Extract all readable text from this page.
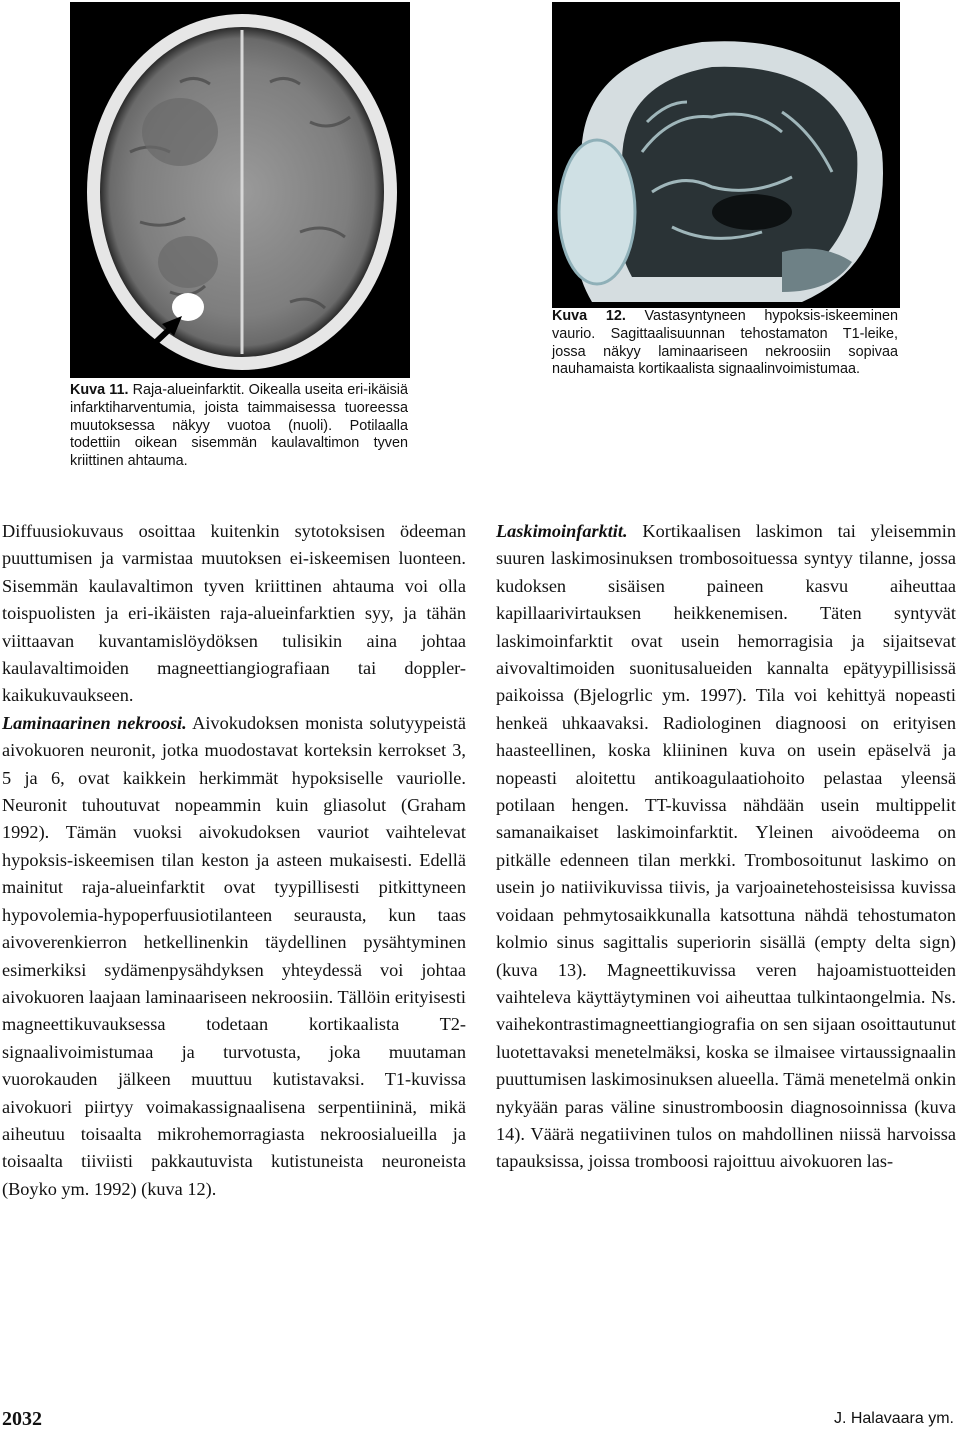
Kuva 11. Raja-alueinfarktit. Oikealla useita eri-ikäisiä infarktiharventumia, joista taimmaisessa tuoreessa muutoksessa näkyy vuotoa (nuoli). Potilaalla todettiin oikean sisemmän kaulavaltimon tyven kriittinen ahtauma.
Kuva 12. Vastasyntyneen hypoksis-iskeeminen vaurio. Sagittaalisuunnan tehostamaton T1-leike, jossa näkyy laminaariseen nekroosiin sopivaa nauhamaista kortikaalista signaalinvoimistumaa.

Diffuusiokuvaus osoittaa kuitenkin sytotoksisen ödeeman puuttumisen ja varmistaa muutoksen ei-iskeemisen luonteen. Sisemmän kaulavaltimon tyven kriittinen ahtauma voi olla toispuolisten ja eri-ikäisten raja-alueinfarktien syy, ja tähän viittaavan kuvantamislöydöksen tulisikin aina johtaa kaulavaltimoiden magneettiangiografiaan tai doppler-kaikukuvaukseen.

Laminaarinen nekroosi. Aivokudoksen monista solutyypeistä aivokuoren neuronit, jotka muodostavat korteksin kerrokset 3, 5 ja 6, ovat kaikkein herkimmät hypoksiselle vauriolle. Neuronit tuhoutuvat nopeammin kuin gliasolut (Graham 1992). Tämän vuoksi aivokudoksen vauriot vaihtelevat hypoksis-iskeemisen tilan keston ja asteen mukaisesti. Edellä mainitut raja-alueinfarktit ovat tyypillisesti pitkittyneen hypovolemia-hypoperfuusiotilanteen seurausta, kun taas aivoverenkierron hetkellinenkin täydellinen pysähtyminen esimerkiksi sydämenpysähdyksen yhteydessä voi johtaa aivokuoren laajaan laminaariseen nekroosiin. Tällöin erityisesti magneettikuvauksessa todetaan kortikaalista T2-signaalivoimistumaa ja turvotusta, joka muutaman vuorokauden jälkeen muuttuu kutistavaksi. T1-kuvissa aivokuori piirtyy voimakassignaalisena serpentiininä, mikä aiheutuu toisaalta mikrohemorragiasta nekroosialueilla ja toisaalta tiiviisti pakkautuvista kutistuneista neuroneista (Boyko ym. 1992) (kuva 12).

Laskimoinfarktit. Kortikaalisen laskimon tai yleisemmin suuren laskimosinuksen trombosoituessa syntyy tilanne, jossa kudoksen sisäisen paineen kasvu aiheuttaa kapillaarivirtauksen heikkenemisen. Täten syntyvät laskimoinfarktit ovat usein hemorragisia ja sijaitsevat aivovaltimoiden suonitusalueiden kannalta epätyypillisissä paikoissa (Bjelogrlic ym. 1997). Tila voi kehittyä nopeasti henkeä uhkaavaksi. Radiologinen diagnoosi on erityisen haasteellinen, koska kliininen kuva on usein epäselvä ja nopeasti aloitettu antikoagulaatiohoito pelastaa yleensä potilaan hengen. TT-kuvissa nähdään usein multippelit samanaikaiset laskimoinfarktit. Yleinen aivoödeema on pitkälle edenneen tilan merkki. Trombosoitunut laskimo on usein jo natiivikuvissa tiivis, ja varjoainetehosteisissa kuvissa voidaan pehmytosaikkunalla katsottuna nähdä tehostumaton kolmio sinus sagittalis superiorin sisällä (empty delta sign) (kuva 13). Magneettikuvissa veren hajoamistuotteiden vaihteleva käyttäytyminen voi aiheuttaa tulkintaongelmia. Ns. vaihekontrastimagneettiangiografia on sen sijaan osoittautunut luotettavaksi menetelmäksi, koska se ilmaisee virtaussignaalin puuttumisen laskimosinuksen alueella. Tämä menetelmä onkin nykyään paras väline sinustromboosin diagnosoinnissa (kuva 14). Väärä negatiivinen tulos on mahdollinen niissä harvoissa tapauksissa, joissa tromboosi rajoittuu aivokuoren las-

2032	J. Halavaara ym.
